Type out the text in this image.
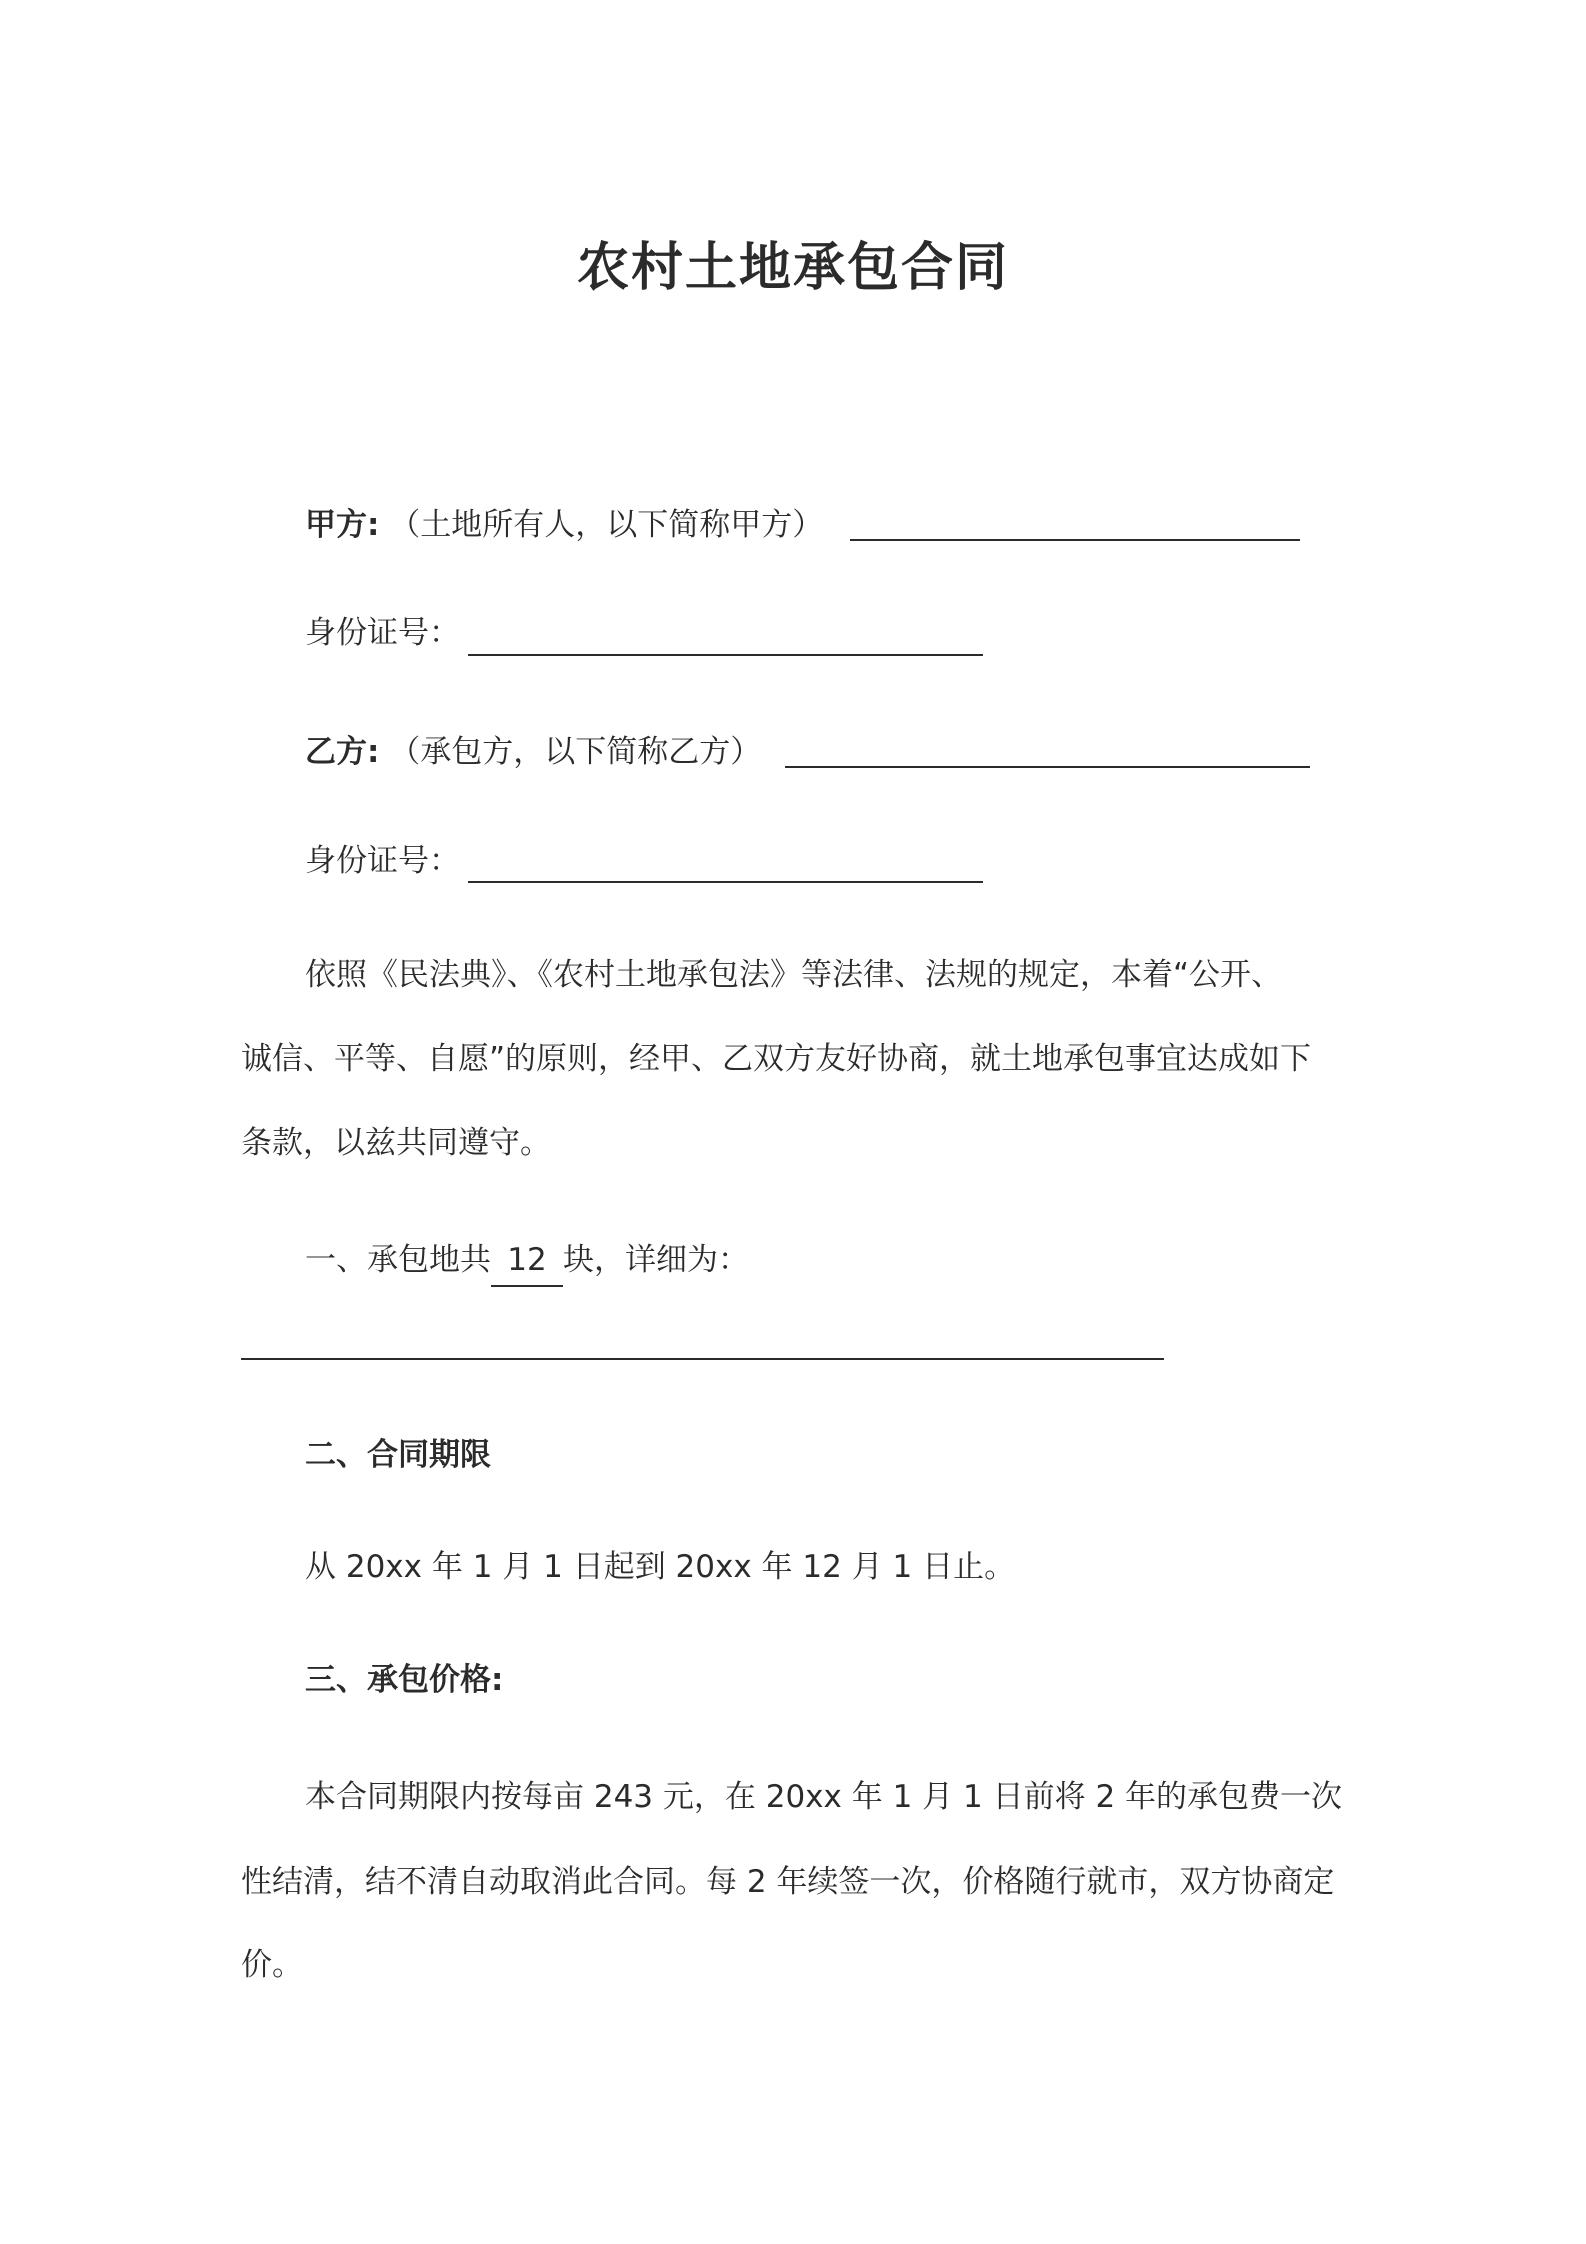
农村土地承包合同
甲方: （土地所有人，以下简称甲方）
身份证号：
乙方: （承包方，以下简称乙方）
身份证号：
依照《民法典》、《农村土地承包法》等法律、法规的规定，本着“公开、
诚信、平等、自愿”的原则，经甲、乙双方友好协商，就土地承包事宜达成如下
条款，以兹共同遵守。
一、承包地共 12 块，详细为：
二、合同期限
从 20xx 年 1 月 1 日起到 20xx 年 12 月 1 日止。
三、承包价格:
本合同期限内按每亩 243 元，在 20xx 年 1 月 1 日前将 2 年的承包费一次
性结清，结不清自动取消此合同。每 2 年续签一次，价格随行就市，双方协商定
价。
